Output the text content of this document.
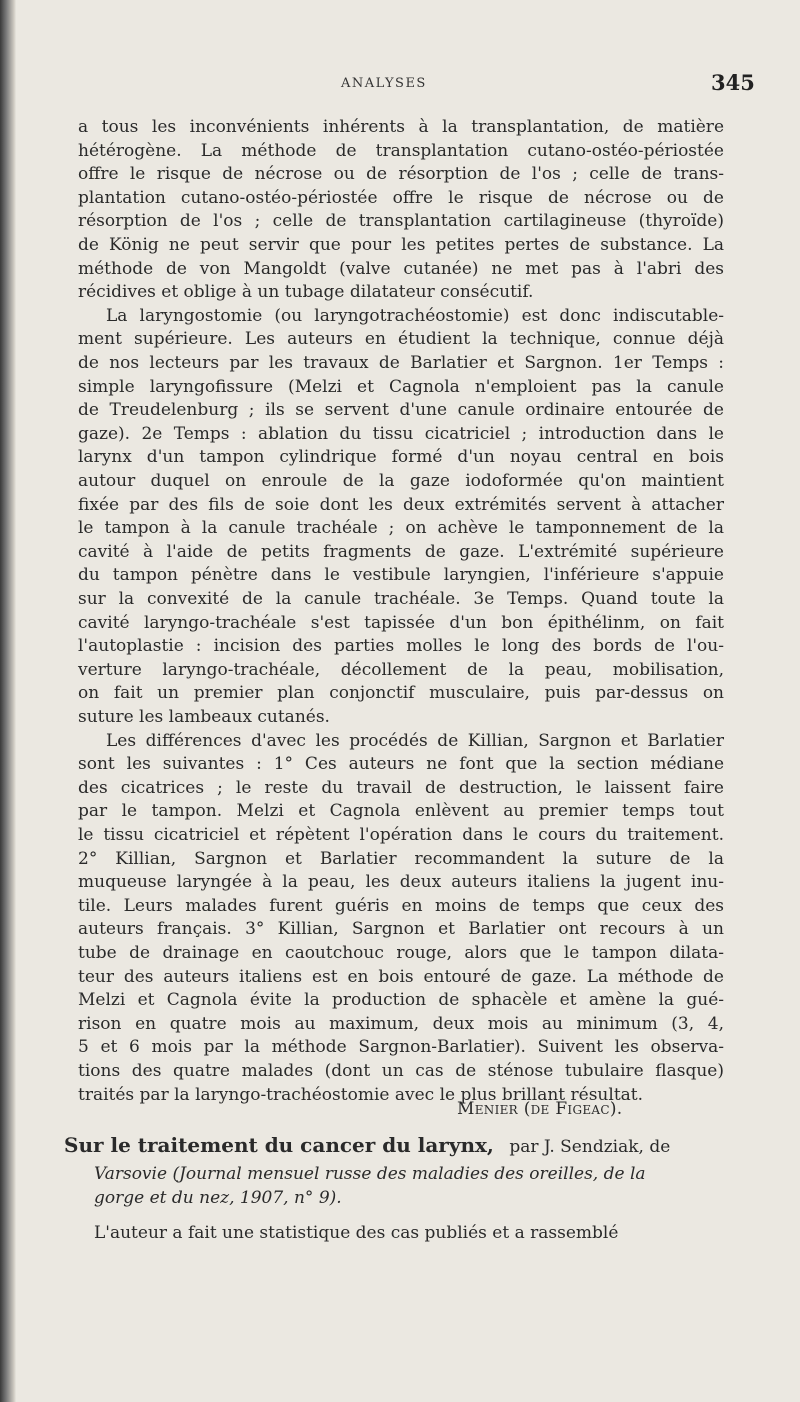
ANALYSES	345
a tous les inconvénients inhérents à la transplantation, de matière
hétérogène. La méthode de transplantation cutano-ostéo-périostée
offre le risque de nécrose ou de résorption de l'os ; celle de trans-
plantation cutano-ostéo-périostée offre le risque de nécrose ou de
résorption de l'os ; celle de transplantation cartilagineuse (thyroïde)
de König ne peut servir que pour les petites pertes de substance. La
méthode de von Mangoldt (valve cutanée) ne met pas à l'abri des
récidives et oblige à un tubage dilatateur consécutif.
La laryngostomie (ou laryngotrachéostomie) est donc indiscutable-
ment supérieure. Les auteurs en étudient la technique, connue déjà
de nos lecteurs par les travaux de Barlatier et Sargnon. 1er Temps :
simple laryngofissure (Melzi et Cagnola n'emploient pas la canule
de Treudelenburg ; ils se servent d'une canule ordinaire entourée de
gaze). 2e Temps : ablation du tissu cicatriciel ; introduction dans le
larynx d'un tampon cylindrique formé d'un noyau central en bois
autour duquel on enroule de la gaze iodoformée qu'on maintient
fixée par des fils de soie dont les deux extrémités servent à attacher
le tampon à la canule trachéale ; on achève le tamponnement de la
cavité à l'aide de petits fragments de gaze. L'extrémité supérieure
du tampon pénètre dans le vestibule laryngien, l'inférieure s'appuie
sur la convexité de la canule trachéale. 3e Temps. Quand toute la
cavité laryngo-trachéale s'est tapissée d'un bon épithélinm, on fait
l'autoplastie : incision des parties molles le long des bords de l'ou-
verture laryngo-trachéale, décollement de la peau, mobilisation,
on fait un premier plan conjonctif musculaire, puis par-dessus on
suture les lambeaux cutanés.
Les différences d'avec les procédés de Killian, Sargnon et Barlatier
sont les suivantes : 1° Ces auteurs ne font que la section médiane
des cicatrices ; le reste du travail de destruction, le laissent faire
par le tampon. Melzi et Cagnola enlèvent au premier temps tout
le tissu cicatriciel et répètent l'opération dans le cours du traitement.
2° Killian, Sargnon et Barlatier recommandent la suture de la
muqueuse laryngée à la peau, les deux auteurs italiens la jugent inu-
tile. Leurs malades furent guéris en moins de temps que ceux des
auteurs français. 3° Killian, Sargnon et Barlatier ont recours à un
tube de drainage en caoutchouc rouge, alors que le tampon dilata-
teur des auteurs italiens est en bois entouré de gaze. La méthode de
Melzi et Cagnola évite la production de sphacèle et amène la gué-
rison en quatre mois au maximum, deux mois au minimum (3, 4,
5 et 6 mois par la méthode Sargnon-Barlatier). Suivent les observa-
tions des quatre malades (dont un cas de sténose tubulaire flasque)
traités par la laryngo-trachéostomie avec le plus brillant résultat.
Menier (de Figeac).
Sur le traitement du cancer du larynx, par J. Sendziak, de
Varsovie (Journal mensuel russe des maladies des oreilles, de la
gorge et du nez, 1907, n° 9).
L'auteur a fait une statistique des cas publiés et a rassemblé
